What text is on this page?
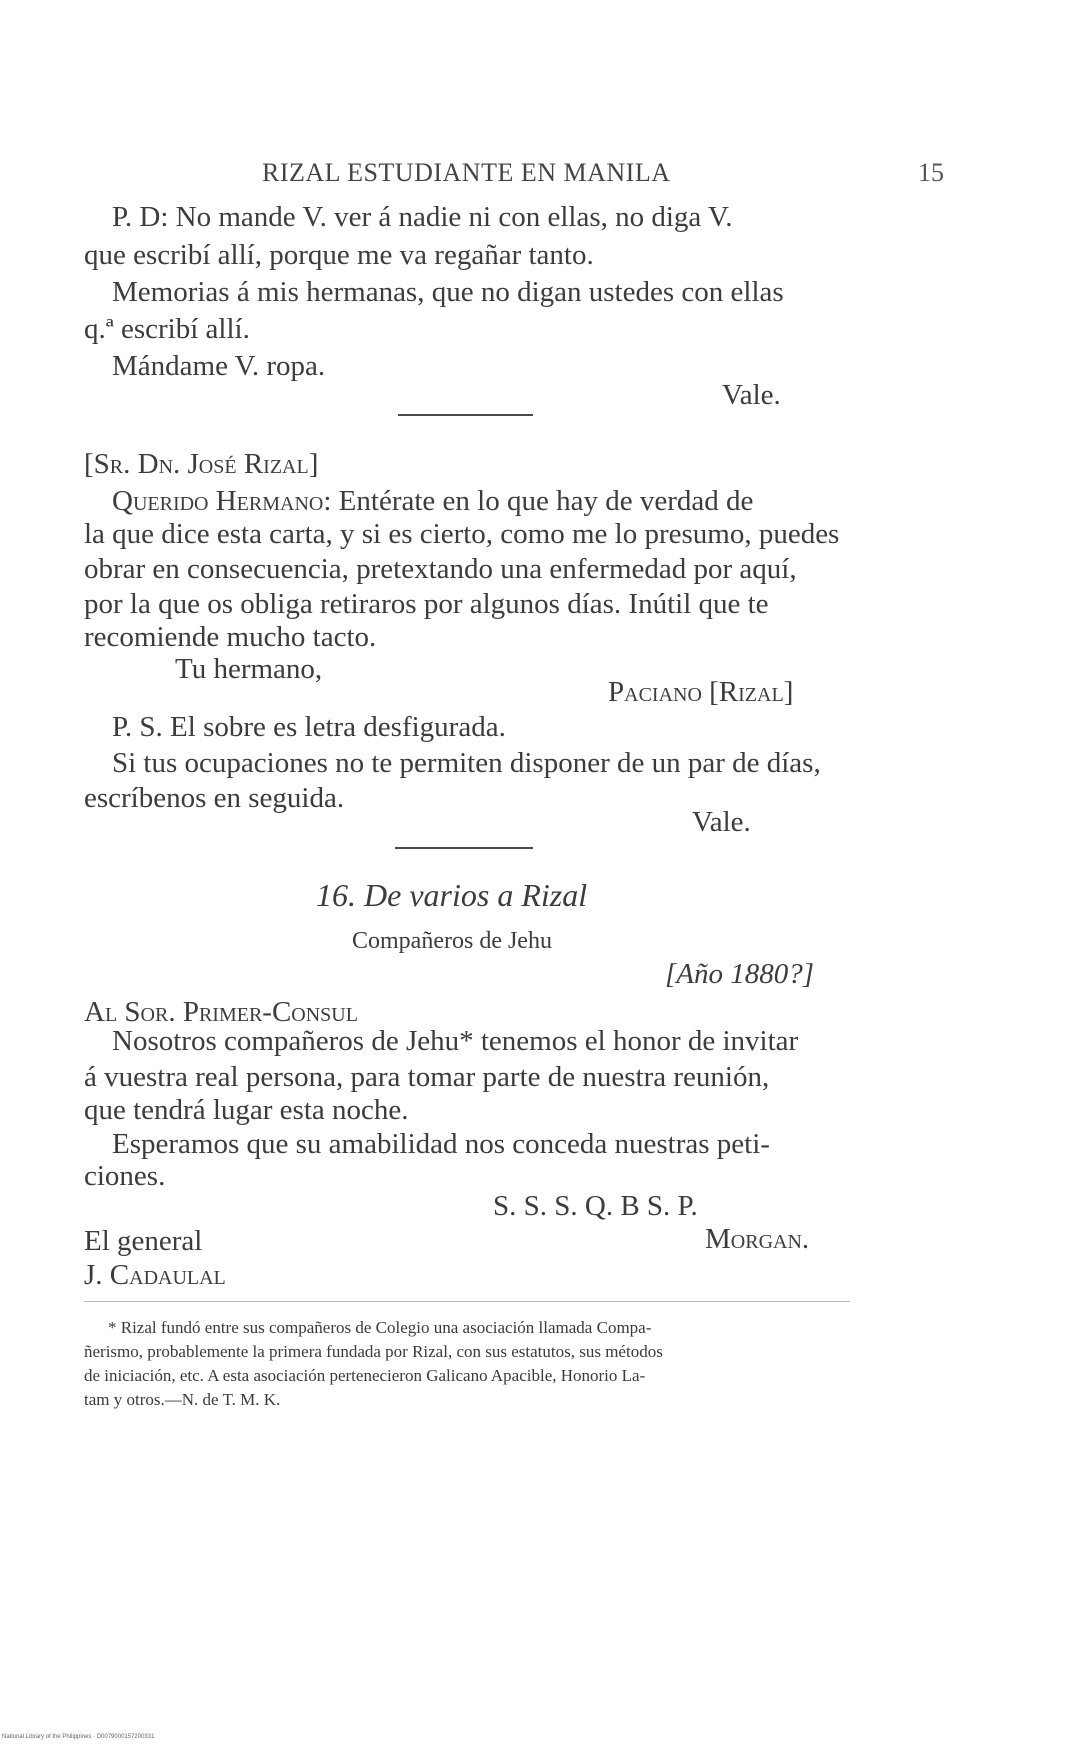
RIZAL ESTUDIANTE EN MANILA	15
P. D: No mande V. ver á nadie ni con ellas, no diga V.
que escribí allí, porque me va regañar tanto.
Memorias á mis hermanas, que no digan ustedes con ellas
q.ª escribí allí.
Mándame V. ropa.
Vale.
[Sr. Dn. José Rizal]
Querido Hermano: Entérate en lo que hay de verdad de
la que dice esta carta, y si es cierto, como me lo presumo, puedes
obrar en consecuencia, pretextando una enfermedad por aquí,
por la que os obliga retiraros por algunos días. Inútil que te
recomiende mucho tacto.
Tu hermano,
Paciano [Rizal]
P. S. El sobre es letra desfigurada.
Si tus ocupaciones no te permiten disponer de un par de días,
escríbenos en seguida.
Vale.
16. De varios a Rizal
Compañeros de Jehu
[Año 1880?]
Al Sor. Primer-Consul
Nosotros compañeros de Jehu* tenemos el honor de invitar
á vuestra real persona, para tomar parte de nuestra reunión,
que tendrá lugar esta noche.
Esperamos que su amabilidad nos conceda nuestras peti-
ciones.
S. S. S. Q. B S. P.
Morgan.
El general
J. Cadaulal
* Rizal fundó entre sus compañeros de Colegio una asociación llamada Compa-
ñerismo, probablemente la primera fundada por Rizal, con sus estatutos, sus métodos
de iniciación, etc. A esta asociación pertenecieron Galicano Apacible, Honorio La-
tam y otros.—N. de T. M. K.
National Library of the Philippines · D0079000157200331
